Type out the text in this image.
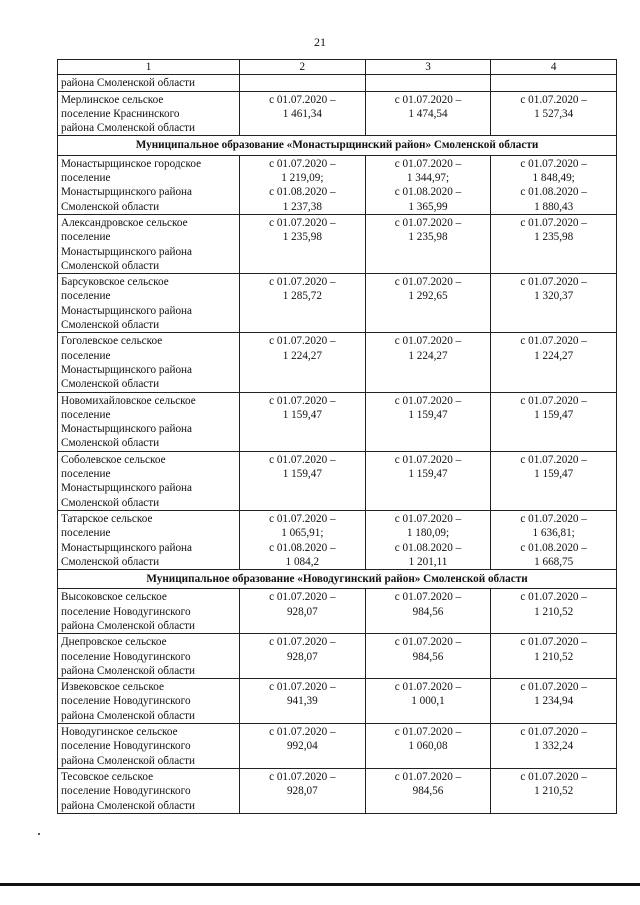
21
1	2	3	4

района Смоленской области			

Мерлинское сельское
поселение Краснинского
района Смоленской области	с 01.07.2020 –
1 461,34	с 01.07.2020 –
1 474,54	с 01.07.2020 –
1 527,34

Муниципальное образование «Монастырщинский район» Смоленской области			

Монастырщинское городское
поселение
Монастырщинского района
Смоленской области	с 01.07.2020 –
1 219,09;
с 01.08.2020 –
1 237,38	с 01.07.2020 –
1 344,97;
с 01.08.2020 –
1 365,99	с 01.07.2020 –
1 848,49;
с 01.08.2020 –
1 880,43

Александровское сельское
поселение
Монастырщинского района
Смоленской области	с 01.07.2020 –
1 235,98	с 01.07.2020 –
1 235,98	с 01.07.2020 –
1 235,98

Барсуковское сельское
поселение
Монастырщинского района
Смоленской области	с 01.07.2020 –
1 285,72	с 01.07.2020 –
1 292,65	с 01.07.2020 –
1 320,37

Гоголевское сельское
поселение
Монастырщинского района
Смоленской области	с 01.07.2020 –
1 224,27	с 01.07.2020 –
1 224,27	с 01.07.2020 –
1 224,27

Новомихайловское сельское
поселение
Монастырщинского района
Смоленской области	с 01.07.2020 –
1 159,47	с 01.07.2020 –
1 159,47	с 01.07.2020 –
1 159,47

Соболевское сельское
поселение
Монастырщинского района
Смоленской области	с 01.07.2020 –
1 159,47	с 01.07.2020 –
1 159,47	с 01.07.2020 –
1 159,47

Татарское сельское
поселение
Монастырщинского района
Смоленской области	с 01.07.2020 –
1 065,91;
с 01.08.2020 –
1 084,2	с 01.07.2020 –
1 180,09;
с 01.08.2020 –
1 201,11	с 01.07.2020 –
1 636,81;
с 01.08.2020 –
1 668,75

Муниципальное образование «Новодугинский район» Смоленской области			

Высоковское сельское
поселение Новодугинского
района Смоленской области	с 01.07.2020 –
928,07	с 01.07.2020 –
984,56	с 01.07.2020 –
1 210,52

Днепровское сельское
поселение Новодугинского
района Смоленской области	с 01.07.2020 –
928,07	с 01.07.2020 –
984,56	с 01.07.2020 –
1 210,52

Извековское сельское
поселение Новодугинского
района Смоленской области	с 01.07.2020 –
941,39	с 01.07.2020 –
1 000,1	с 01.07.2020 –
1 234,94

Новодугинское сельское
поселение Новодугинского
района Смоленской области	с 01.07.2020 –
992,04	с 01.07.2020 –
1 060,08	с 01.07.2020 –
1 332,24

Тесовское сельское
поселение Новодугинского
района Смоленской области	с 01.07.2020 –
928,07	с 01.07.2020 –
984,56	с 01.07.2020 –
1 210,52
